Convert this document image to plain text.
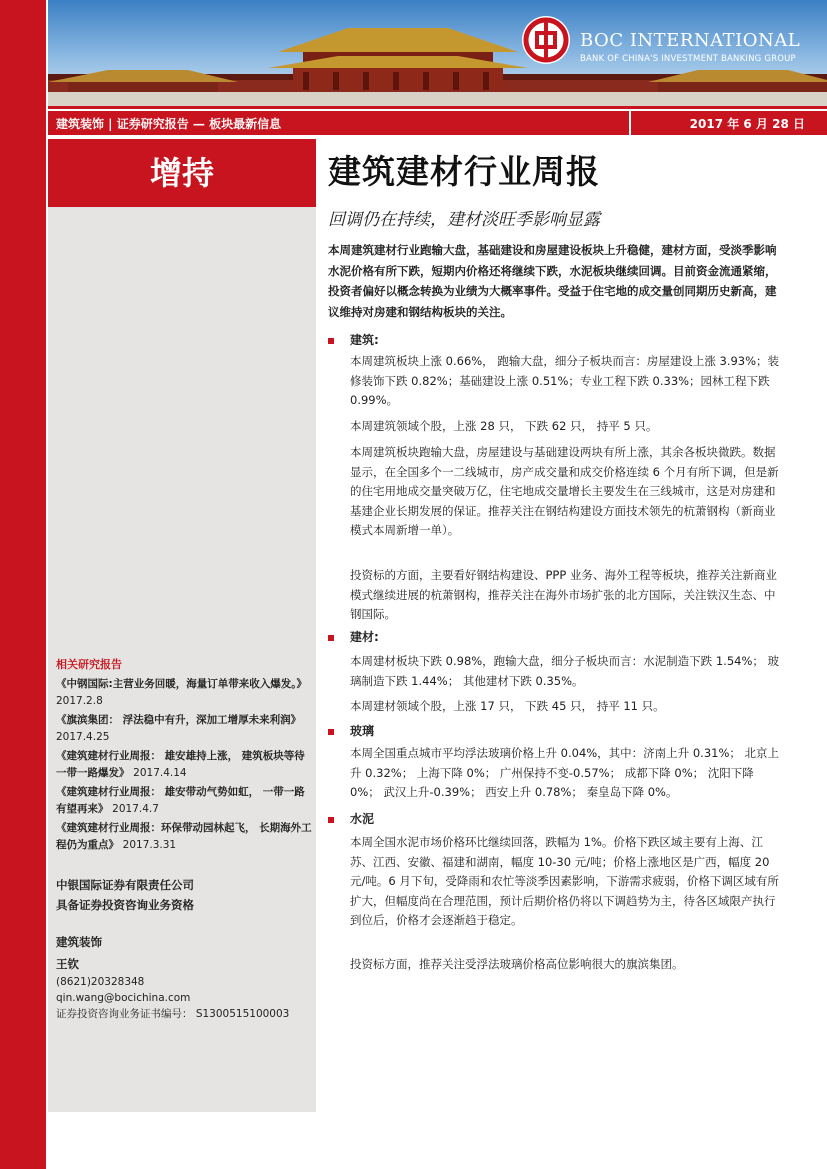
BOC INTERNATIONAL
BANK OF CHINA'S INVESTMENT BANKING GROUP
建筑装饰 | 证券研究报告 — 板块最新信息	2017 年 6 月 28 日
增持	建筑建材行业周报
回调仍在持续，建材淡旺季影响显露
本周建筑建材行业跑输大盘，基础建设和房屋建设板块上升稳健，建材方面，受淡季影响水泥价格有所下跌，短期内价格还将继续下跌，水泥板块继续回调。目前资金流通紧缩，投资者偏好以概念转换为业绩为大概率事件。受益于住宅地的成交量创同期历史新高，建议维持对房建和钢结构板块的关注。
建筑:
本周建筑板块上涨 0.66%， 跑输大盘，细分子板块而言：房屋建设上涨 3.93%；装修装饰下跌 0.82%；基础建设上涨 0.51%；专业工程下跌 0.33%；园林工程下跌 0.99%。
本周建筑领域个股，上涨 28 只， 下跌 62 只， 持平 5 只。
本周建筑板块跑输大盘，房屋建设与基础建设两块有所上涨，其余各板块微跌。数据显示，在全国多个一二线城市，房产成交量和成交价格连续 6 个月有所下调，但是新的住宅用地成交量突破万亿，住宅地成交量增长主要发生在三线城市，这是对房建和基建企业长期发展的保证。推荐关注在钢结构建设方面技术领先的杭萧钢构（新商业模式本周新增一单）。
投资标的方面，主要看好钢结构建设、PPP 业务、海外工程等板块，推荐关注新商业模式继续进展的杭萧钢构，推荐关注在海外市场扩张的北方国际，关注铁汉生态、中钢国际。
建材:
本周建材板块下跌 0.98%，跑输大盘，细分子板块而言：水泥制造下跌 1.54%； 玻璃制造下跌 1.44%； 其他建材下跌 0.35%。
本周建材领域个股，上涨 17 只， 下跌 45 只， 持平 11 只。
玻璃
本周全国重点城市平均浮法玻璃价格上升 0.04%，其中：济南上升 0.31%； 北京上升 0.32%； 上海下降 0%； 广州保持不变-0.57%； 成都下降 0%； 沈阳下降 0%； 武汉上升-0.39%； 西安上升 0.78%； 秦皇岛下降 0%。
水泥
本周全国水泥市场价格环比继续回落，跌幅为 1%。价格下跌区域主要有上海、江苏、江西、安徽、福建和湖南，幅度 10-30 元/吨；价格上涨地区是广西，幅度 20 元/吨。6 月下旬，受降雨和农忙等淡季因素影响，下游需求疲弱，价格下调区域有所扩大，但幅度尚在合理范围，预计后期价格仍将以下调趋势为主，待各区域限产执行到位后，价格才会逐渐趋于稳定。
投资标方面，推荐关注受浮法玻璃价格高位影响很大的旗滨集团。
相关研究报告
《中钢国际:主营业务回暖，海量订单带来收入爆发。》 2017.2.8
《旗滨集团： 浮法稳中有升，深加工增厚未来利润》 2017.4.25
《建筑建材行业周报： 雄安雄持上涨， 建筑板块等待一带一路爆发》 2017.4.14
《建筑建材行业周报： 雄安带动气势如虹， 一带一路有望再来》 2017.4.7
《建筑建材行业周报：环保带动园林起飞， 长期海外工程仍为重点》 2017.3.31
中银国际证券有限责任公司
具备证券投资咨询业务资格
建筑装饰
王钦
(8621)20328348
qin.wang@bocichina.com
证券投资咨询业务证书编号： S1300515100003
